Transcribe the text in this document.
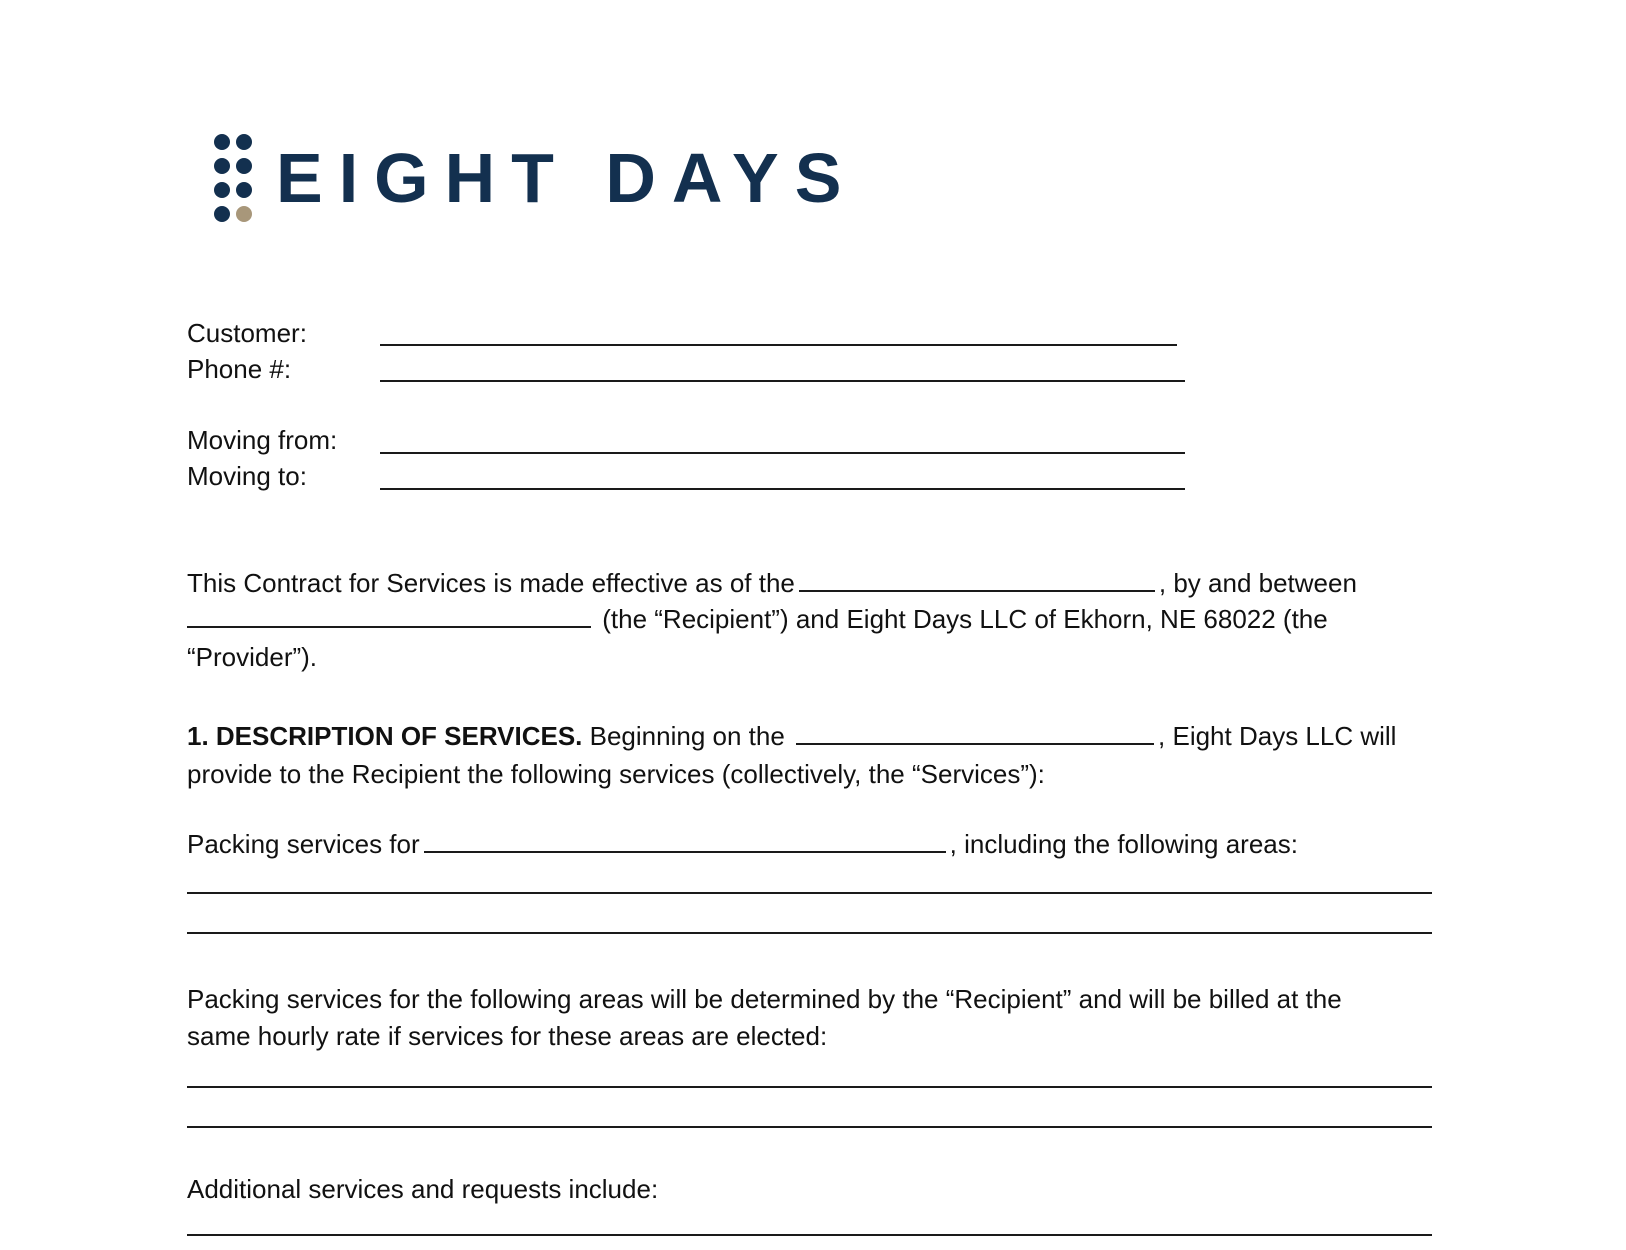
EIGHT DAYS
Customer:
Phone #:
Moving from:
Moving to:
This Contract for Services is made effective as of the	, by and between
(the “Recipient”) and Eight Days LLC of Ekhorn, NE 68022 (the
“Provider”).
1. DESCRIPTION OF SERVICES. Beginning on the	, Eight Days LLC will
provide to the Recipient the following services (collectively, the “Services”):
Packing services for	, including the following areas:
Packing services for the following areas will be determined by the “Recipient” and will be billed at the
same hourly rate if services for these areas are elected:
Additional services and requests include:
